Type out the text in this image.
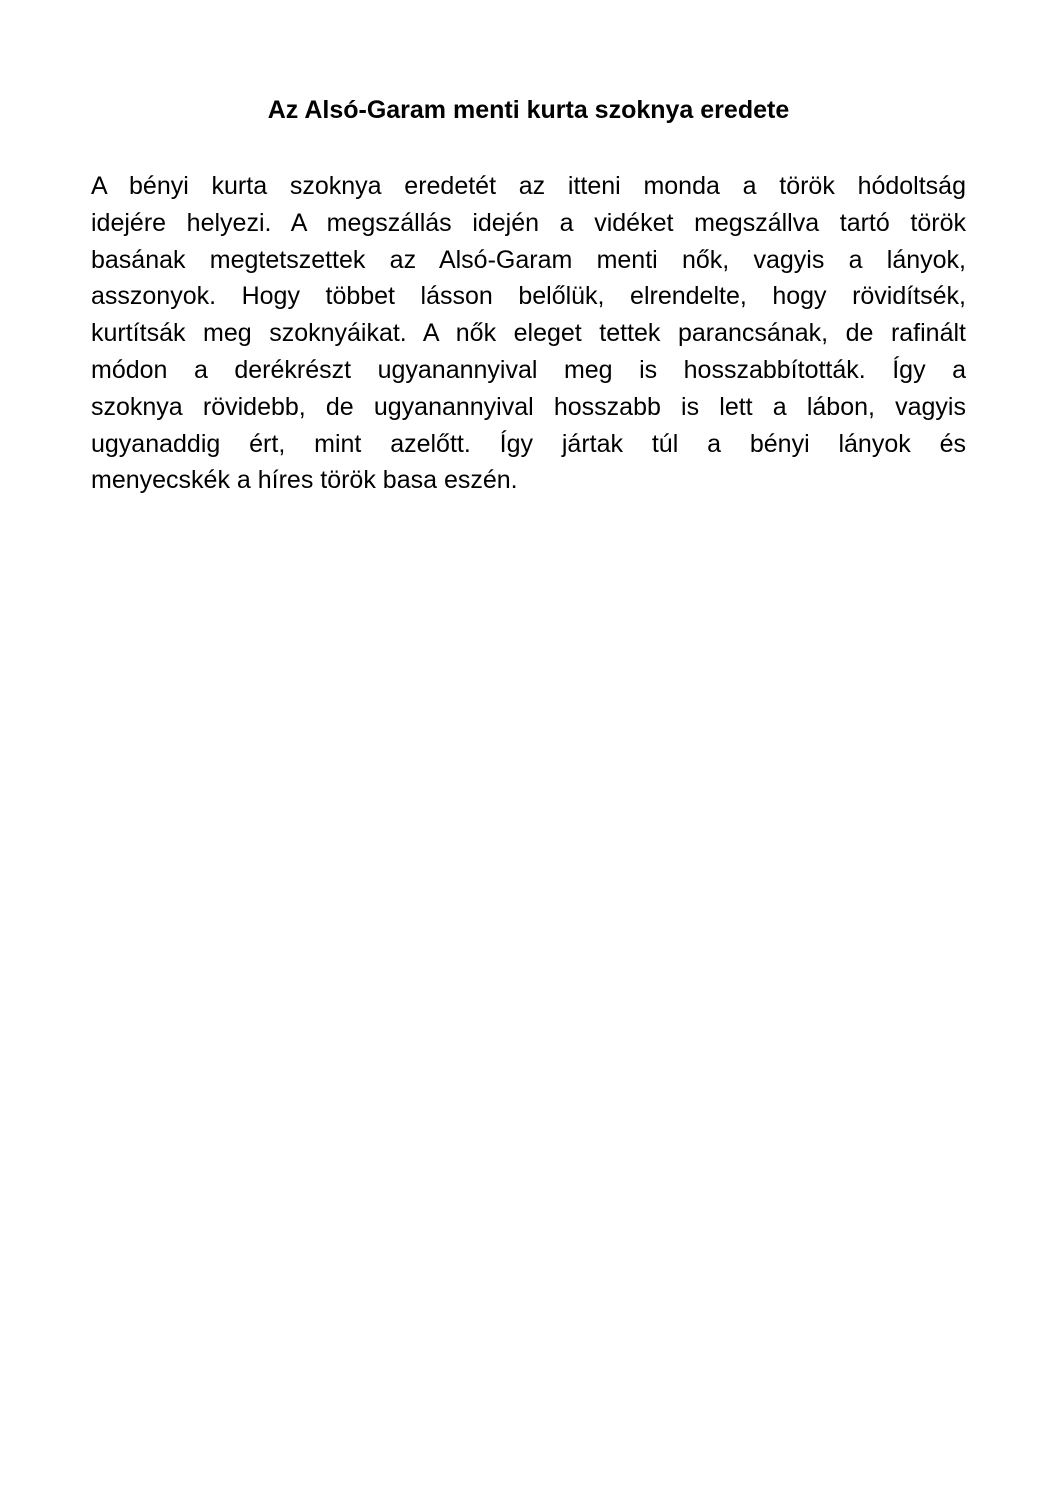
Az Alsó-Garam menti kurta szoknya eredete
A bényi kurta szoknya eredetét az itteni monda a török hódoltság
idejére helyezi. A megszállás idején a vidéket megszállva tartó török
basának megtetszettek az Alsó-Garam menti nők, vagyis a lányok,
asszonyok. Hogy többet lásson belőlük, elrendelte, hogy rövidítsék,
kurtítsák meg szoknyáikat. A nők eleget tettek parancsának, de rafinált
módon a derékrészt ugyanannyival meg is hosszabbították. Így a
szoknya rövidebb, de ugyanannyival hosszabb is lett a lábon, vagyis
ugyanaddig ért, mint azelőtt. Így jártak túl a bényi lányok és
menyecskék a híres török basa eszén.
